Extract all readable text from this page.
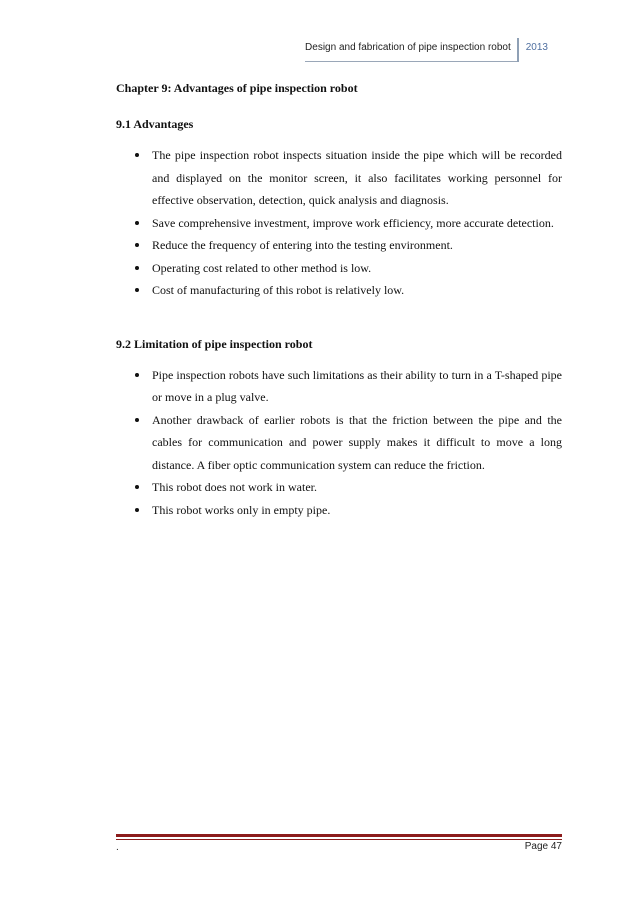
Design and fabrication of pipe inspection robot	2013
Chapter 9: Advantages of pipe inspection robot
9.1 Advantages
The pipe inspection robot inspects situation inside the pipe which will be recorded and displayed on the monitor screen, it also facilitates working personnel for effective observation, detection, quick analysis and diagnosis.
Save comprehensive investment, improve work efficiency, more accurate detection.
Reduce the frequency of entering into the testing environment.
Operating cost related to other method is low.
Cost of manufacturing of this robot is relatively low.
9.2 Limitation of pipe inspection robot
Pipe inspection robots have such limitations as their ability to turn in a T-shaped pipe or move in a plug valve.
Another drawback of earlier robots is that the friction between the pipe and the cables for communication and power supply makes it difficult to move a long distance. A fiber optic communication system can reduce the friction.
This robot does not work in water.
This robot works only in empty pipe.
.	Page 47
